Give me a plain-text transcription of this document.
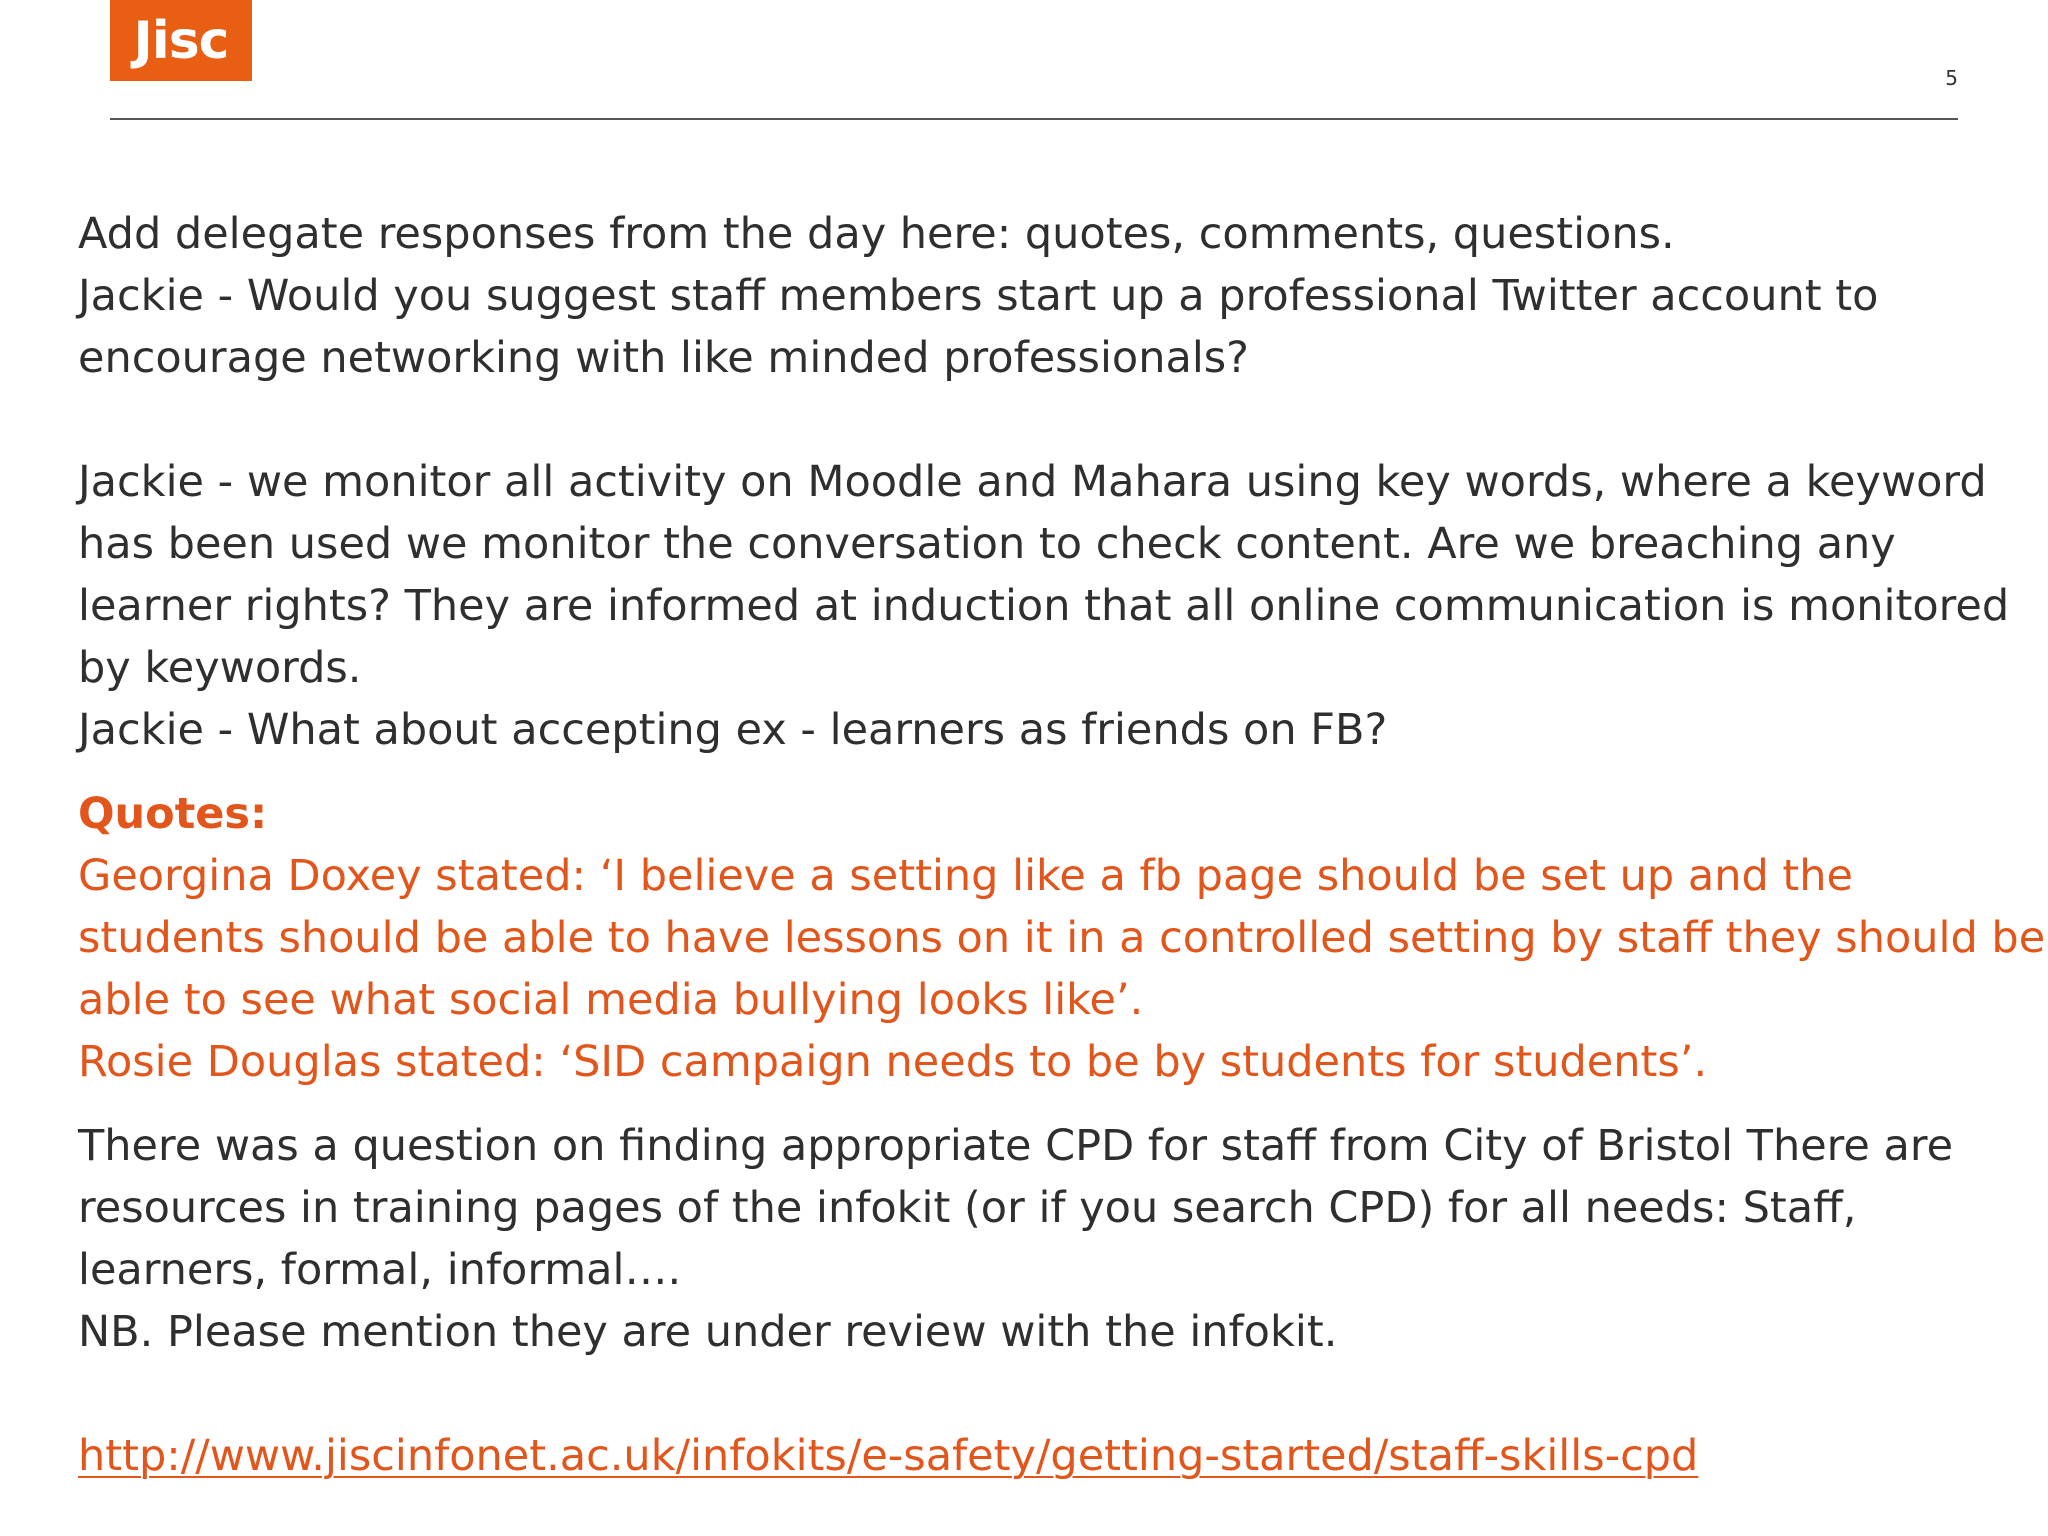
Jisc
5
Add delegate responses from the day here: quotes, comments, questions.
Jackie - Would you suggest staff members start up a professional Twitter account to
encourage networking with like minded professionals?
Jackie - we monitor all activity on Moodle and Mahara using key words, where a keyword
has been used we monitor the conversation to check content. Are we breaching any
learner rights? They are informed at induction that all online communication is monitored
by keywords.
Jackie - What about accepting ex - learners as friends on FB?
Quotes:
Georgina Doxey stated: ‘I believe a setting like a fb page should be set up and the
students should be able to have lessons on it in a controlled setting by staff they should be
able to see what social media bullying looks like’.
Rosie Douglas stated: ‘SID campaign needs to be by students for students’.
There was a question on finding appropriate CPD for staff from City of Bristol There are
resources in training pages of the infokit (or if you search CPD) for all needs: Staff,
learners, formal, informal….
NB. Please mention they are under review with the infokit.
http://www.jiscinfonet.ac.uk/infokits/e-safety/getting-started/staff-skills-cpd
